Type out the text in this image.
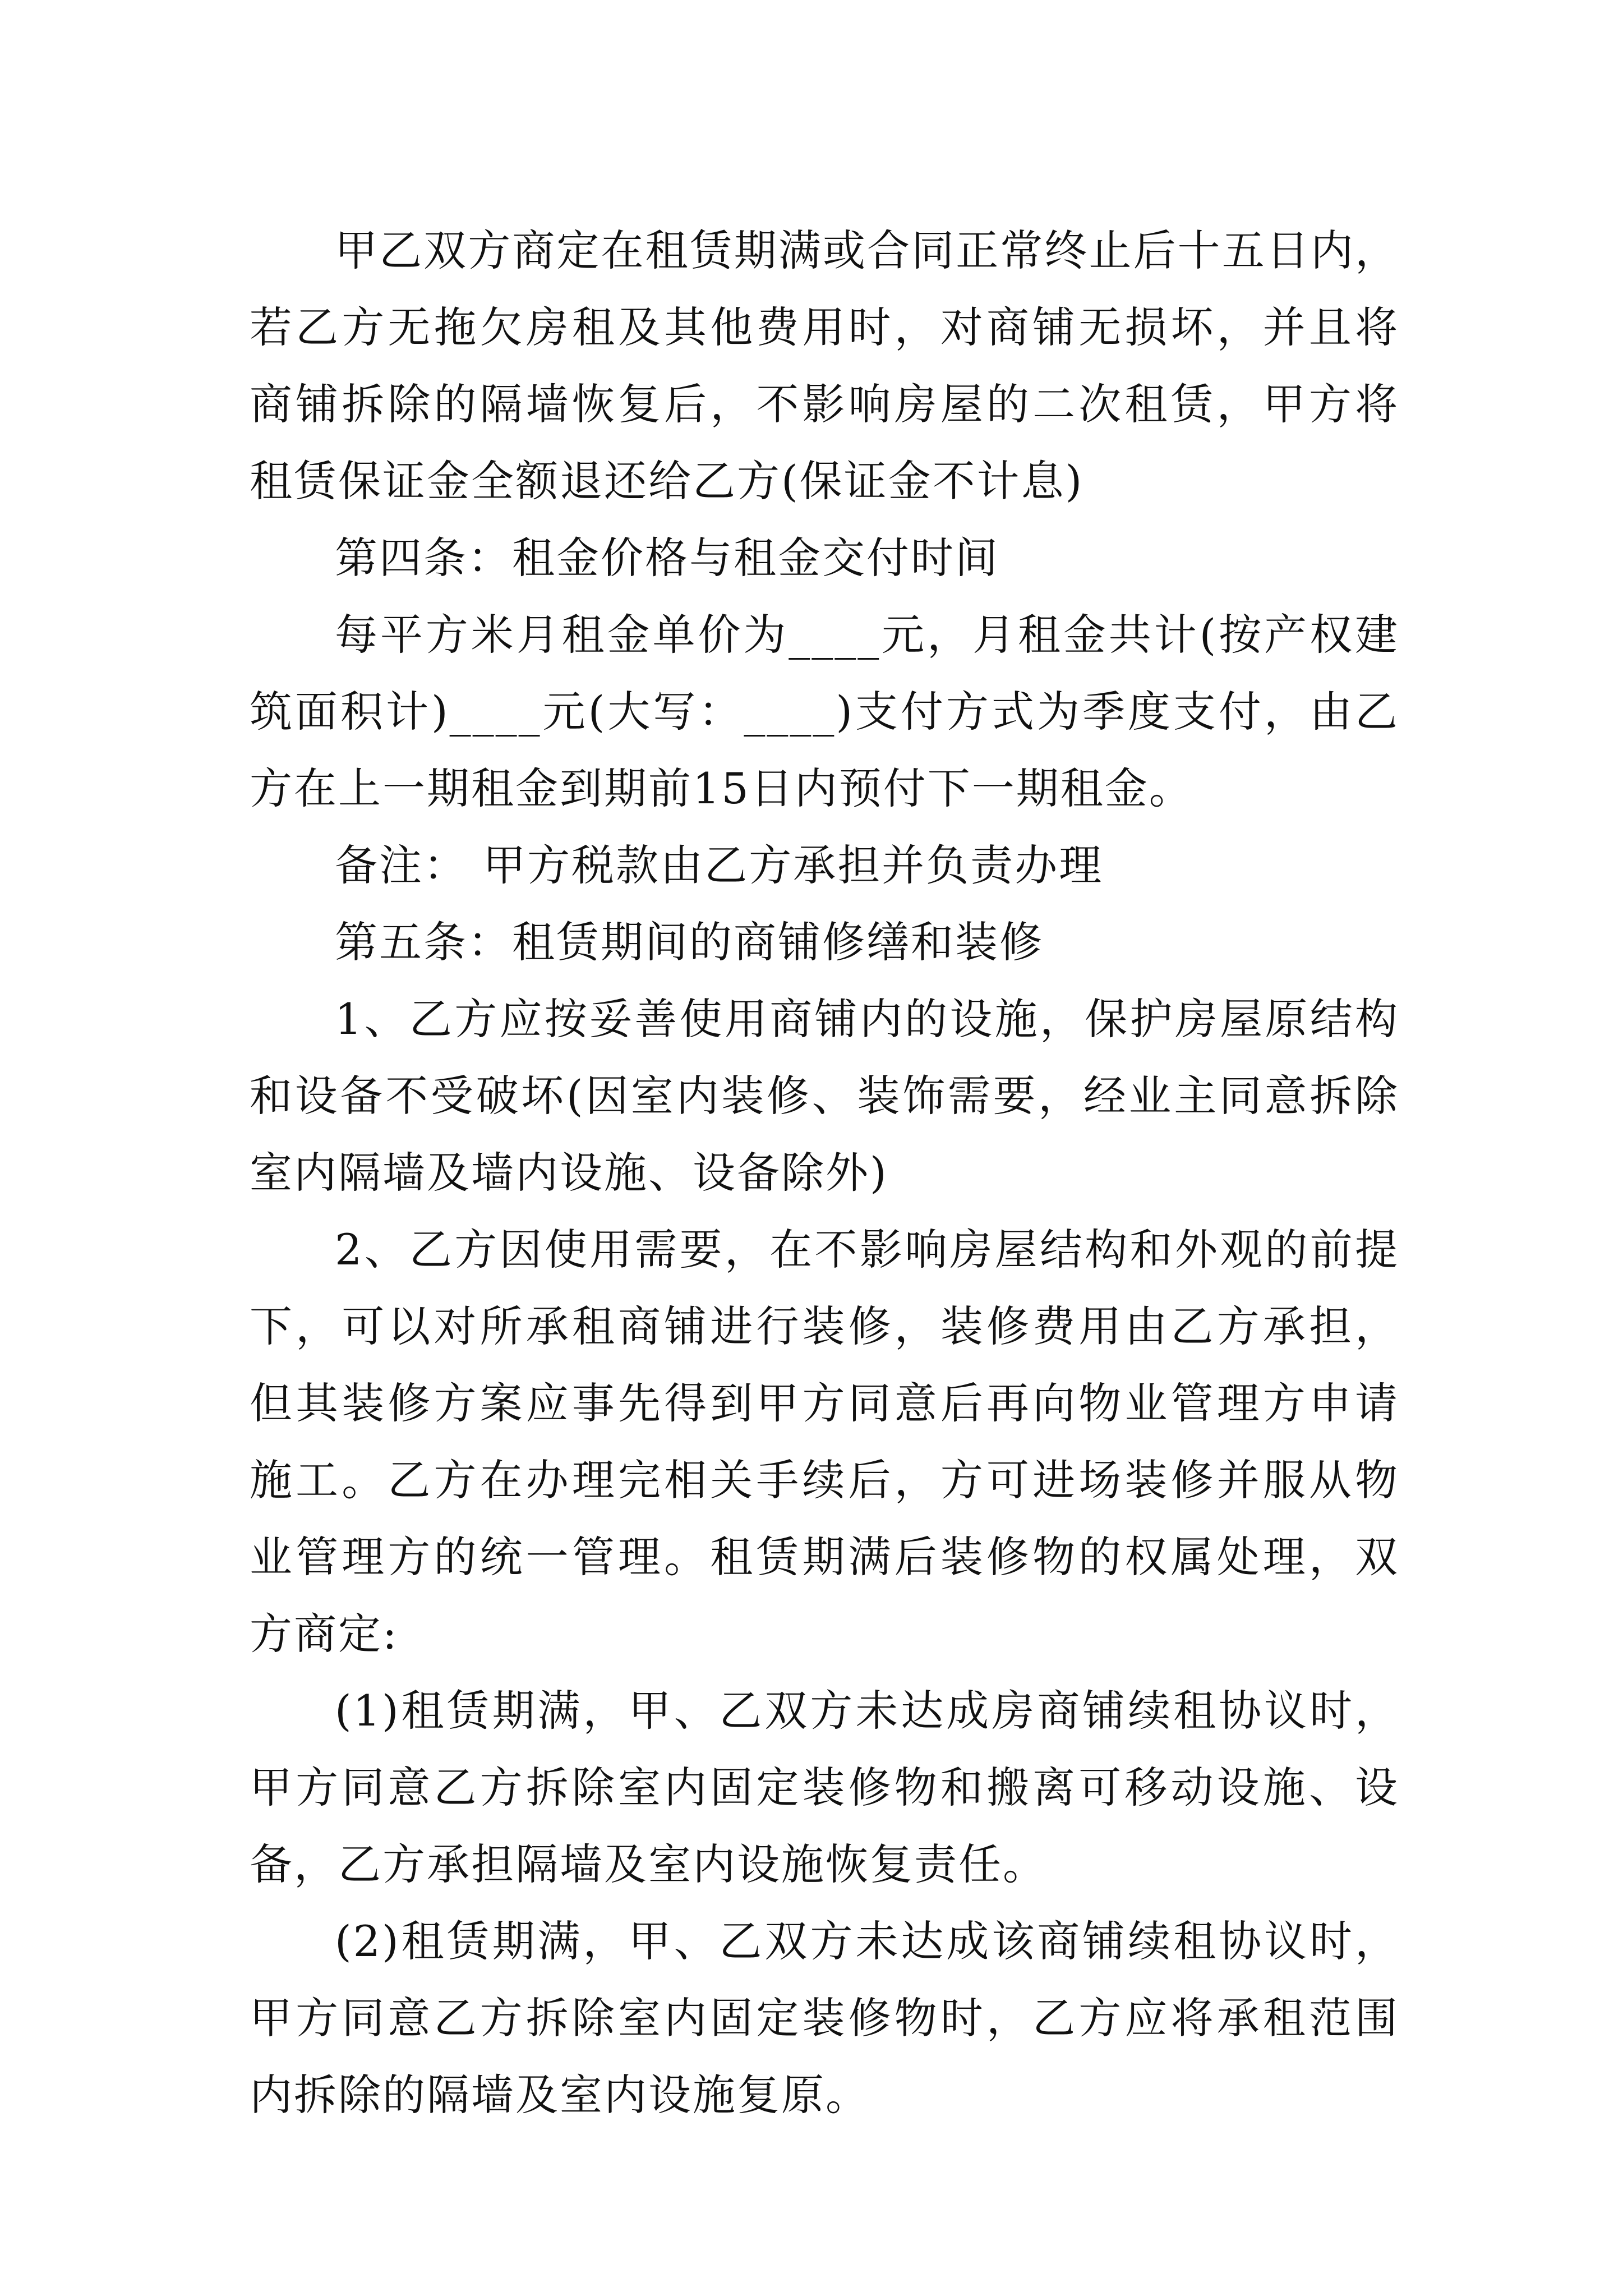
甲乙双方商定在租赁期满或合同正常终止后十五日内，若乙方无拖欠房租及其他费用时，对商铺无损坏，并且将商铺拆除的隔墙恢复后，不影响房屋的二次租赁，甲方将租赁保证金全额退还给乙方(保证金不计息)

第四条：租金价格与租金交付时间

每平方米月租金单价为____元，月租金共计(按产权建筑面积计)____元(大写：____)支付方式为季度支付，由乙方在上一期租金到期前15日内预付下一期租金。

备注： 甲方税款由乙方承担并负责办理

第五条：租赁期间的商铺修缮和装修

1、乙方应按妥善使用商铺内的设施，保护房屋原结构和设备不受破坏(因室内装修、装饰需要，经业主同意拆除室内隔墙及墙内设施、设备除外)

2、乙方因使用需要，在不影响房屋结构和外观的前提下，可以对所承租商铺进行装修，装修费用由乙方承担，但其装修方案应事先得到甲方同意后再向物业管理方申请施工。乙方在办理完相关手续后，方可进场装修并服从物业管理方的统一管理。租赁期满后装修物的权属处理，双方商定:

(1)租赁期满，甲、乙双方未达成房商铺续租协议时，甲方同意乙方拆除室内固定装修物和搬离可移动设施、设备，乙方承担隔墙及室内设施恢复责任。

(2)租赁期满，甲、乙双方未达成该商铺续租协议时，甲方同意乙方拆除室内固定装修物时，乙方应将承租范围内拆除的隔墙及室内设施复原。
